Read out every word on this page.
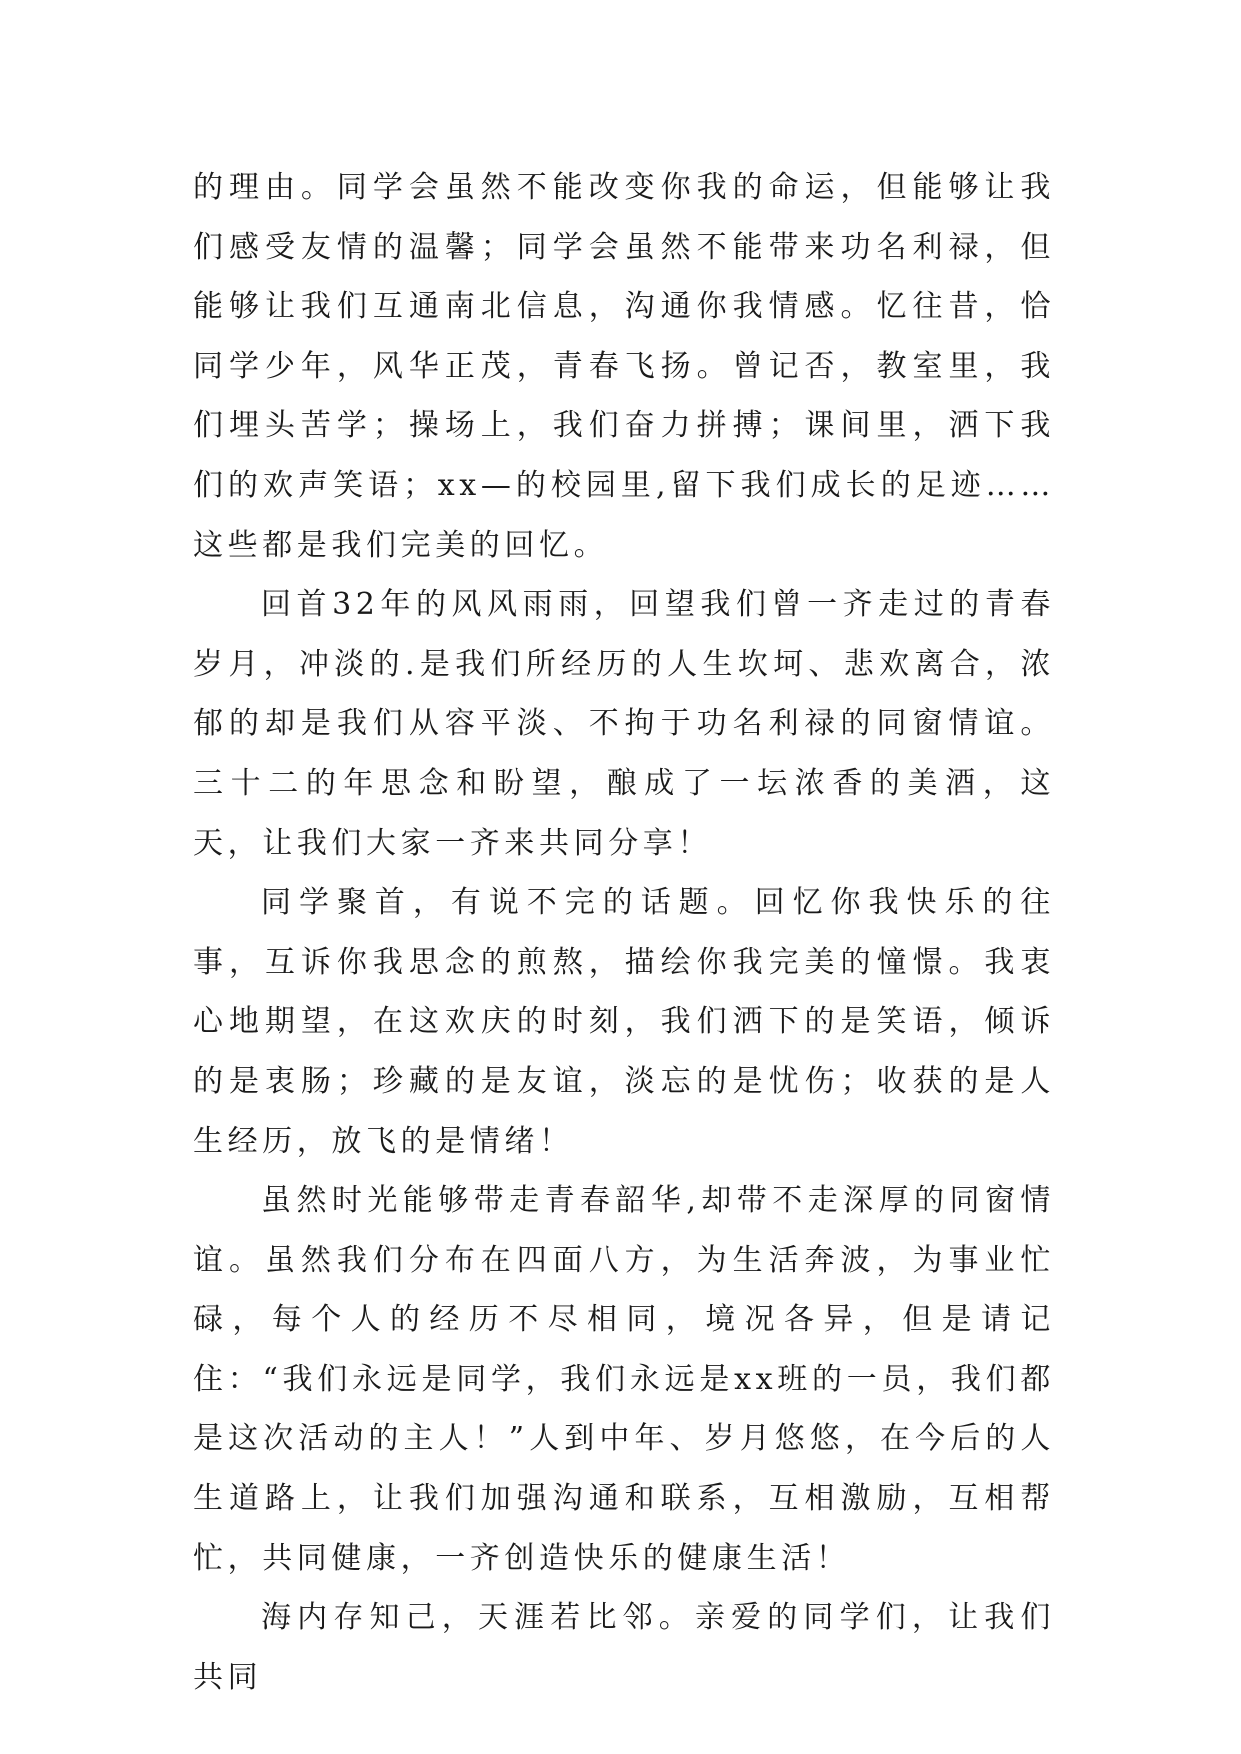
的理由。同学会虽然不能改变你我的命运，但能够让我们感受友情的温馨；同学会虽然不能带来功名利禄，但能够让我们互通南北信息，沟通你我情感。忆往昔，恰同学少年，风华正茂，青春飞扬。曾记否，教室里，我们埋头苦学；操场上，我们奋力拼搏；课间里，洒下我们的欢声笑语；xx—的校园里,留下我们成长的足迹……这些都是我们完美的回忆。

回首32年的风风雨雨，回望我们曾一齐走过的青春岁月，冲淡的.是我们所经历的人生坎坷、悲欢离合，浓郁的却是我们从容平淡、不拘于功名利禄的同窗情谊。三十二的年思念和盼望，酿成了一坛浓香的美酒，这天，让我们大家一齐来共同分享！

同学聚首，有说不完的话题。回忆你我快乐的往事，互诉你我思念的煎熬，描绘你我完美的憧憬。我衷心地期望，在这欢庆的时刻，我们洒下的是笑语，倾诉的是衷肠；珍藏的是友谊，淡忘的是忧伤；收获的是人生经历，放飞的是情绪！

虽然时光能够带走青春韶华,却带不走深厚的同窗情谊。虽然我们分布在四面八方，为生活奔波，为事业忙碌，每个人的经历不尽相同，境况各异，但是请记住：“我们永远是同学，我们永远是xx班的一员，我们都是这次活动的主人！”人到中年、岁月悠悠，在今后的人生道路上，让我们加强沟通和联系，互相激励，互相帮忙，共同健康，一齐创造快乐的健康生活！

海内存知己，天涯若比邻。亲爱的同学们，让我们共同
